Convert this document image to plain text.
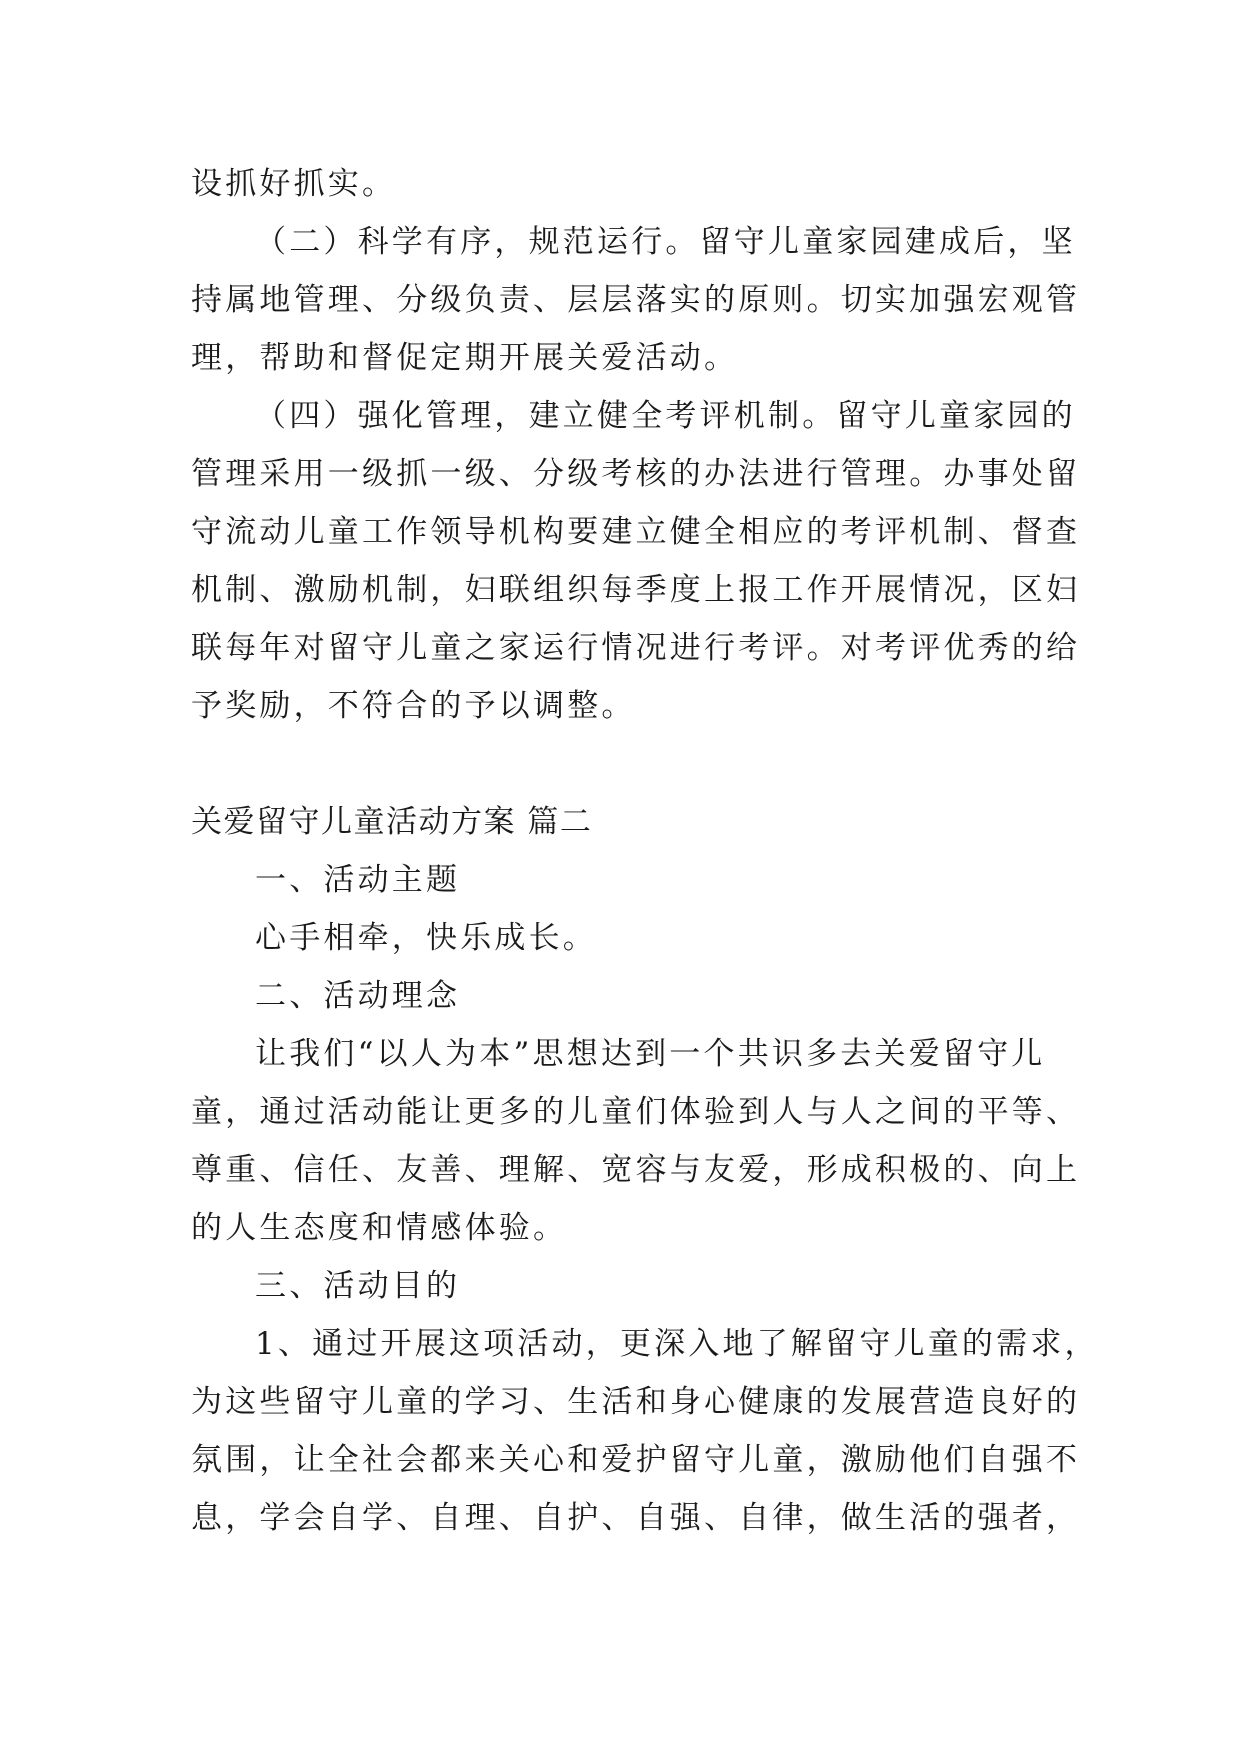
设抓好抓实。
（二）科学有序，规范运行。留守儿童家园建成后，坚
持属地管理、分级负责、层层落实的原则。切实加强宏观管
理，帮助和督促定期开展关爱活动。
（四）强化管理，建立健全考评机制。留守儿童家园的
管理采用一级抓一级、分级考核的办法进行管理。办事处留
守流动儿童工作领导机构要建立健全相应的考评机制、督查
机制、激励机制，妇联组织每季度上报工作开展情况，区妇
联每年对留守儿童之家运行情况进行考评。对考评优秀的给
予奖励，不符合的予以调整。
关爱留守儿童活动方案 篇二
一、活动主题
心手相牵，快乐成长。
二、活动理念
让我们“以人为本”思想达到一个共识多去关爱留守儿
童，通过活动能让更多的儿童们体验到人与人之间的平等、
尊重、信任、友善、理解、宽容与友爱，形成积极的、向上
的人生态度和情感体验。
三、活动目的
1、通过开展这项活动，更深入地了解留守儿童的需求，
为这些留守儿童的学习、生活和身心健康的发展营造良好的
氛围，让全社会都来关心和爱护留守儿童，激励他们自强不
息，学会自学、自理、自护、自强、自律，做生活的强者，
